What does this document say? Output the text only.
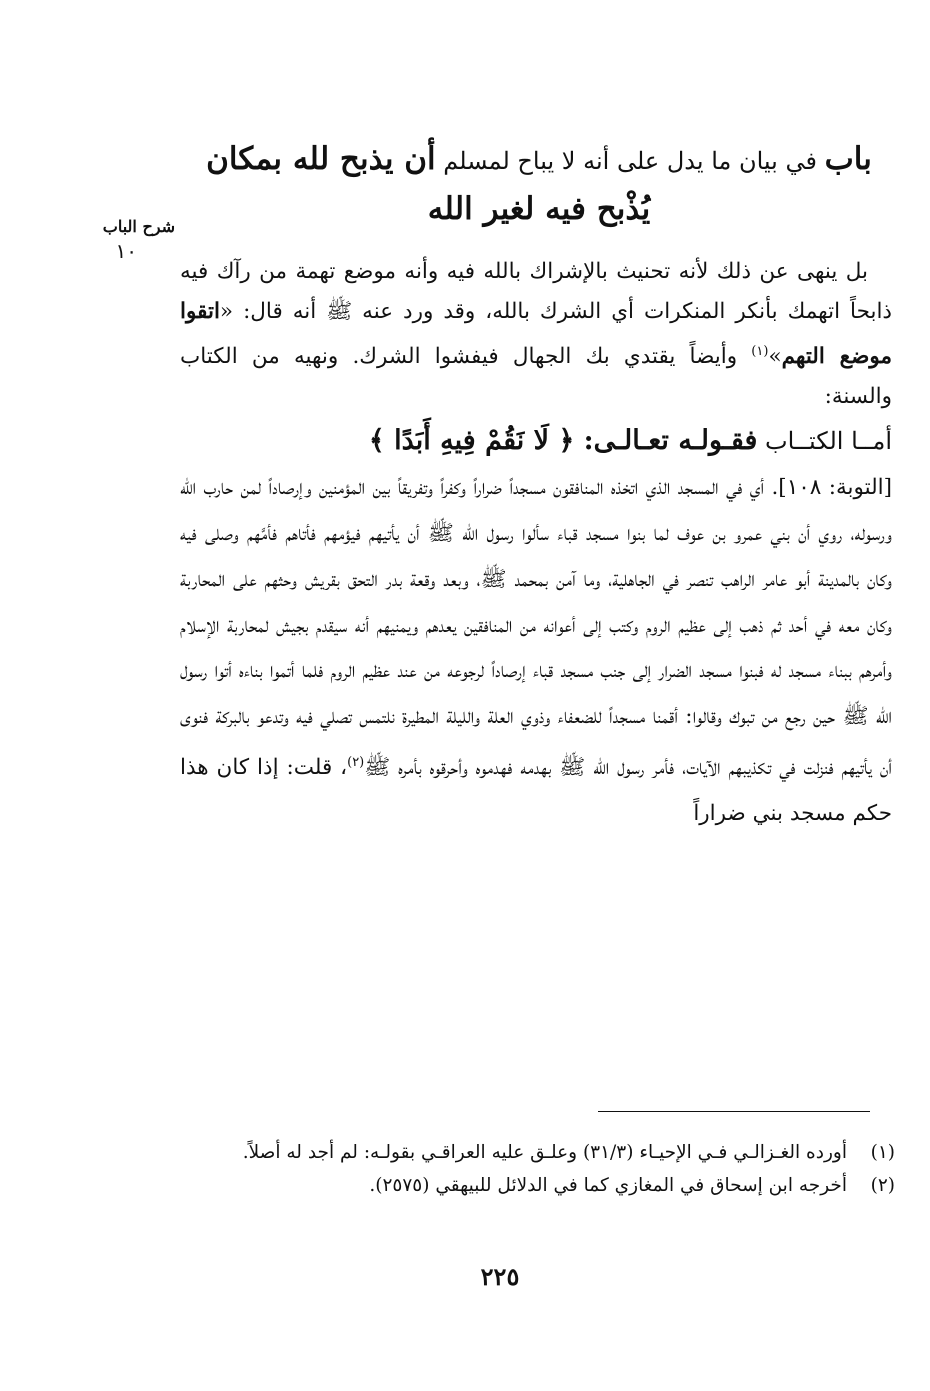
باب في بيان ما يدل على أنه لا يباح لمسلم أن يذبح لله بمكان
يُذْبح فيه لغير الله
شرح الباب
١٠

بل ينهى عن ذلك لأنه تحنيث بالإشراك بالله فيه وأنه موضع تهمة من رآك فيه ذابحاً اتهمك بأنكر المنكرات أي الشرك بالله، وقد ورد عنه ﷺ أنه قال: «اتقوا موضع التهم»$^{(١)}$ وأيضاً يقتدي بك الجهال فيفشوا الشرك. ونهيه من الكتاب والسنة:

أمــا الكتــاب فقـولـه تعـالـى: ﴿ لَا نَقُمْ فِيهِ أَبَدًا ﴾

[التوبة: ١٠٨]. أي في المسجد الذي اتخذه المنافقون مسجداً ضراراً وكفراً وتفريقاً بين المؤمنين وإرصاداً لمن حارب الله ورسوله، روي أن بني عمرو بن عوف لما بنوا مسجد قباء سألوا رسول الله ﷺ أن يأتيهم فيؤمهم فأتاهم فأمَّهم وصلى فيه وكان بالمدينة أبو عامر الراهب تنصر في الجاهلية، وما آمن بمحمد ﷺ، وبعد وقعة بدر التحق بقريش وحثهم على المحاربة وكان معه في أحد ثم ذهب إلى عظيم الروم وكتب إلى أعوانه من المنافقين يعدهم ويمنيهم أنه سيقدم بجيش لمحاربة الإسلام وأمرهم ببناء مسجد له فبنوا مسجد الضرار إلى جنب مسجد قباء إرصاداً لرجوعه من عند عظيم الروم فلما أتموا بناءه أتوا رسول الله ﷺ حين رجع من تبوك وقالوا: أقمنا مسجداً للضعفاء وذوي العلة والليلة المطيرة نلتمس تصلي فيه وتدعو بالبركة فنوى أن يأتيهم فنزلت في تكذيبهم الآيات، فأمر رسول الله ﷺ بهدمه فهدموه وأحرقوه بأمره ﷺ$^{(٢)}$، قلت: إذا كان هذا حكم مسجد بني ضراراً

(١)
أورده الغـزالـي فـي الإحيـاء (٣١/٣) وعلـق عليه العراقـي بقولـه: لم أجد له أصلاً.
(٢)
أخرجه ابن إسحاق في المغازي كما في الدلائل للبيهقي (٢٥٧٥).
٢٢٥
